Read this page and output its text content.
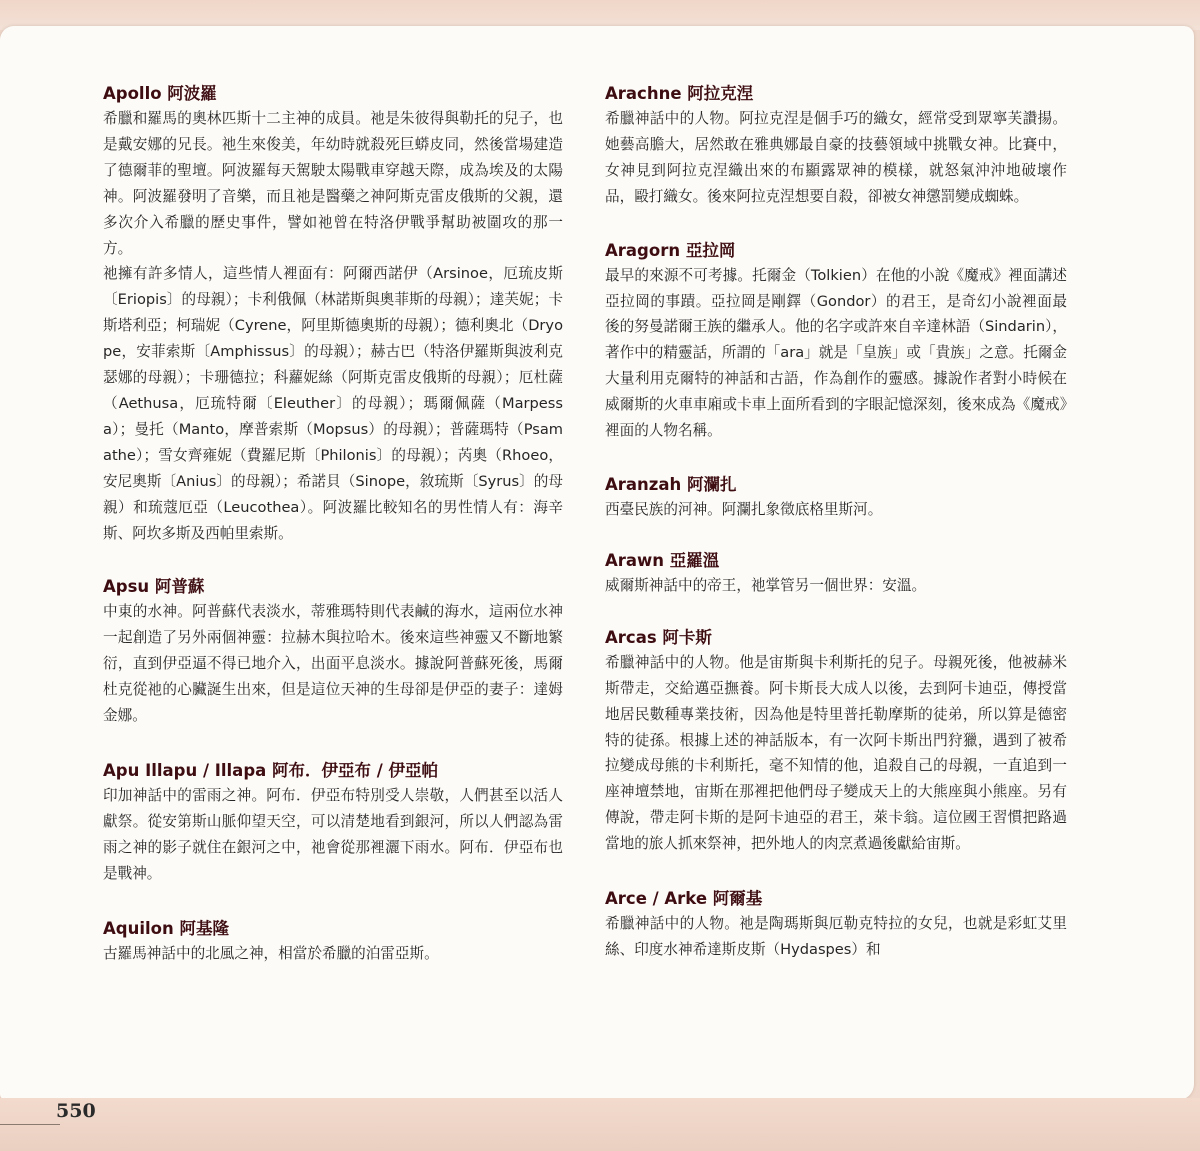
Apollo 阿波羅

希臘和羅馬的奧林匹斯十二主神的成員。祂是朱彼得與勒托的兒子，也是戴安娜的兄長。祂生來俊美，年幼時就殺死巨蟒皮同，然後當場建造了德爾菲的聖壇。阿波羅每天駕駛太陽戰車穿越天際，成為埃及的太陽神。阿波羅發明了音樂，而且祂是醫藥之神阿斯克雷皮俄斯的父親，還多次介入希臘的歷史事件，譬如祂曾在特洛伊戰爭幫助被圍攻的那一方。

祂擁有許多情人，這些情人裡面有：阿爾西諾伊（Arsinoe，厄琉皮斯〔Eriopis〕的母親）；卡利俄佩（林諾斯與奧菲斯的母親）；達芙妮；卡斯塔利亞；柯瑞妮（Cyrene，阿里斯德奧斯的母親）；德利奧北（Dryope，安菲索斯〔Amphissus〕的母親）；赫古巴（特洛伊羅斯與波利克瑟娜的母親）；卡珊德拉；科蘿妮絲（阿斯克雷皮俄斯的母親）；厄杜薩（Aethusa，厄琉特爾〔Eleuther〕的母親）；瑪爾佩薩（Marpessa）；曼托（Manto，摩普索斯（Mopsus）的母親）；普薩瑪特（Psamathe）；雪女齊雍妮（費羅尼斯〔Philonis〕的母親）；芮奧（Rhoeo，安尼奧斯〔Anius〕的母親）；希諾貝（Sinope，敘琉斯〔Syrus〕的母親）和琉蔻厄亞（Leucothea）。阿波羅比較知名的男性情人有：海辛斯、阿坎多斯及西帕里索斯。

Apsu 阿普蘇

中東的水神。阿普蘇代表淡水，蒂雅瑪特則代表鹹的海水，這兩位水神一起創造了另外兩個神靈：拉赫木與拉哈木。後來這些神靈又不斷地繁衍，直到伊亞逼不得已地介入，出面平息淡水。據說阿普蘇死後，馬爾杜克從祂的心臟誕生出來，但是這位天神的生母卻是伊亞的妻子：達姆金娜。

Apu Illapu / Illapa 阿布．伊亞布 / 伊亞帕

印加神話中的雷雨之神。阿布．伊亞布特別受人崇敬，人們甚至以活人獻祭。從安第斯山脈仰望天空，可以清楚地看到銀河，所以人們認為雷雨之神的影子就住在銀河之中，祂會從那裡灑下雨水。阿布．伊亞布也是戰神。

Aquilon 阿基隆

古羅馬神話中的北風之神，相當於希臘的泊雷亞斯。

Arachne 阿拉克涅

希臘神話中的人物。阿拉克涅是個手巧的織女，經常受到眾寧芙讚揚。她藝高膽大，居然敢在雅典娜最自豪的技藝領域中挑戰女神。比賽中，女神見到阿拉克涅織出來的布顯露眾神的模樣，就怒氣沖沖地破壞作品，毆打織女。後來阿拉克涅想要自殺，卻被女神懲罰變成蜘蛛。

Aragorn 亞拉岡

最早的來源不可考據。托爾金（Tolkien）在他的小說《魔戒》裡面講述亞拉岡的事蹟。亞拉岡是剛鐸（Gondor）的君王，是奇幻小說裡面最後的努曼諾爾王族的繼承人。他的名字或許來自辛達林語（Sindarin），著作中的精靈話，所謂的「ara」就是「皇族」或「貴族」之意。托爾金大量利用克爾特的神話和古語，作為創作的靈感。據說作者對小時候在威爾斯的火車車廂或卡車上面所看到的字眼記憶深刻，後來成為《魔戒》裡面的人物名稱。

Aranzah 阿瀾扎

西臺民族的河神。阿瀾扎象徵底格里斯河。

Arawn 亞羅溫

威爾斯神話中的帝王，祂掌管另一個世界：安溫。

Arcas 阿卡斯

希臘神話中的人物。他是宙斯與卡利斯托的兒子。母親死後，他被赫米斯帶走，交給邁亞撫養。阿卡斯長大成人以後，去到阿卡迪亞，傳授當地居民數種專業技術，因為他是特里普托勒摩斯的徒弟，所以算是德密特的徒孫。根據上述的神話版本，有一次阿卡斯出門狩獵，遇到了被希拉變成母熊的卡利斯托，毫不知情的他，追殺自己的母親，一直追到一座神壇禁地，宙斯在那裡把他們母子變成天上的大熊座與小熊座。另有傳說，帶走阿卡斯的是阿卡迪亞的君王，萊卡翁。這位國王習慣把路過當地的旅人抓來祭神，把外地人的肉烹煮過後獻給宙斯。

Arce / Arke 阿爾基

希臘神話中的人物。祂是陶瑪斯與厄勒克特拉的女兒，也就是彩虹艾里絲、印度水神希達斯皮斯（Hydaspes）和

550
